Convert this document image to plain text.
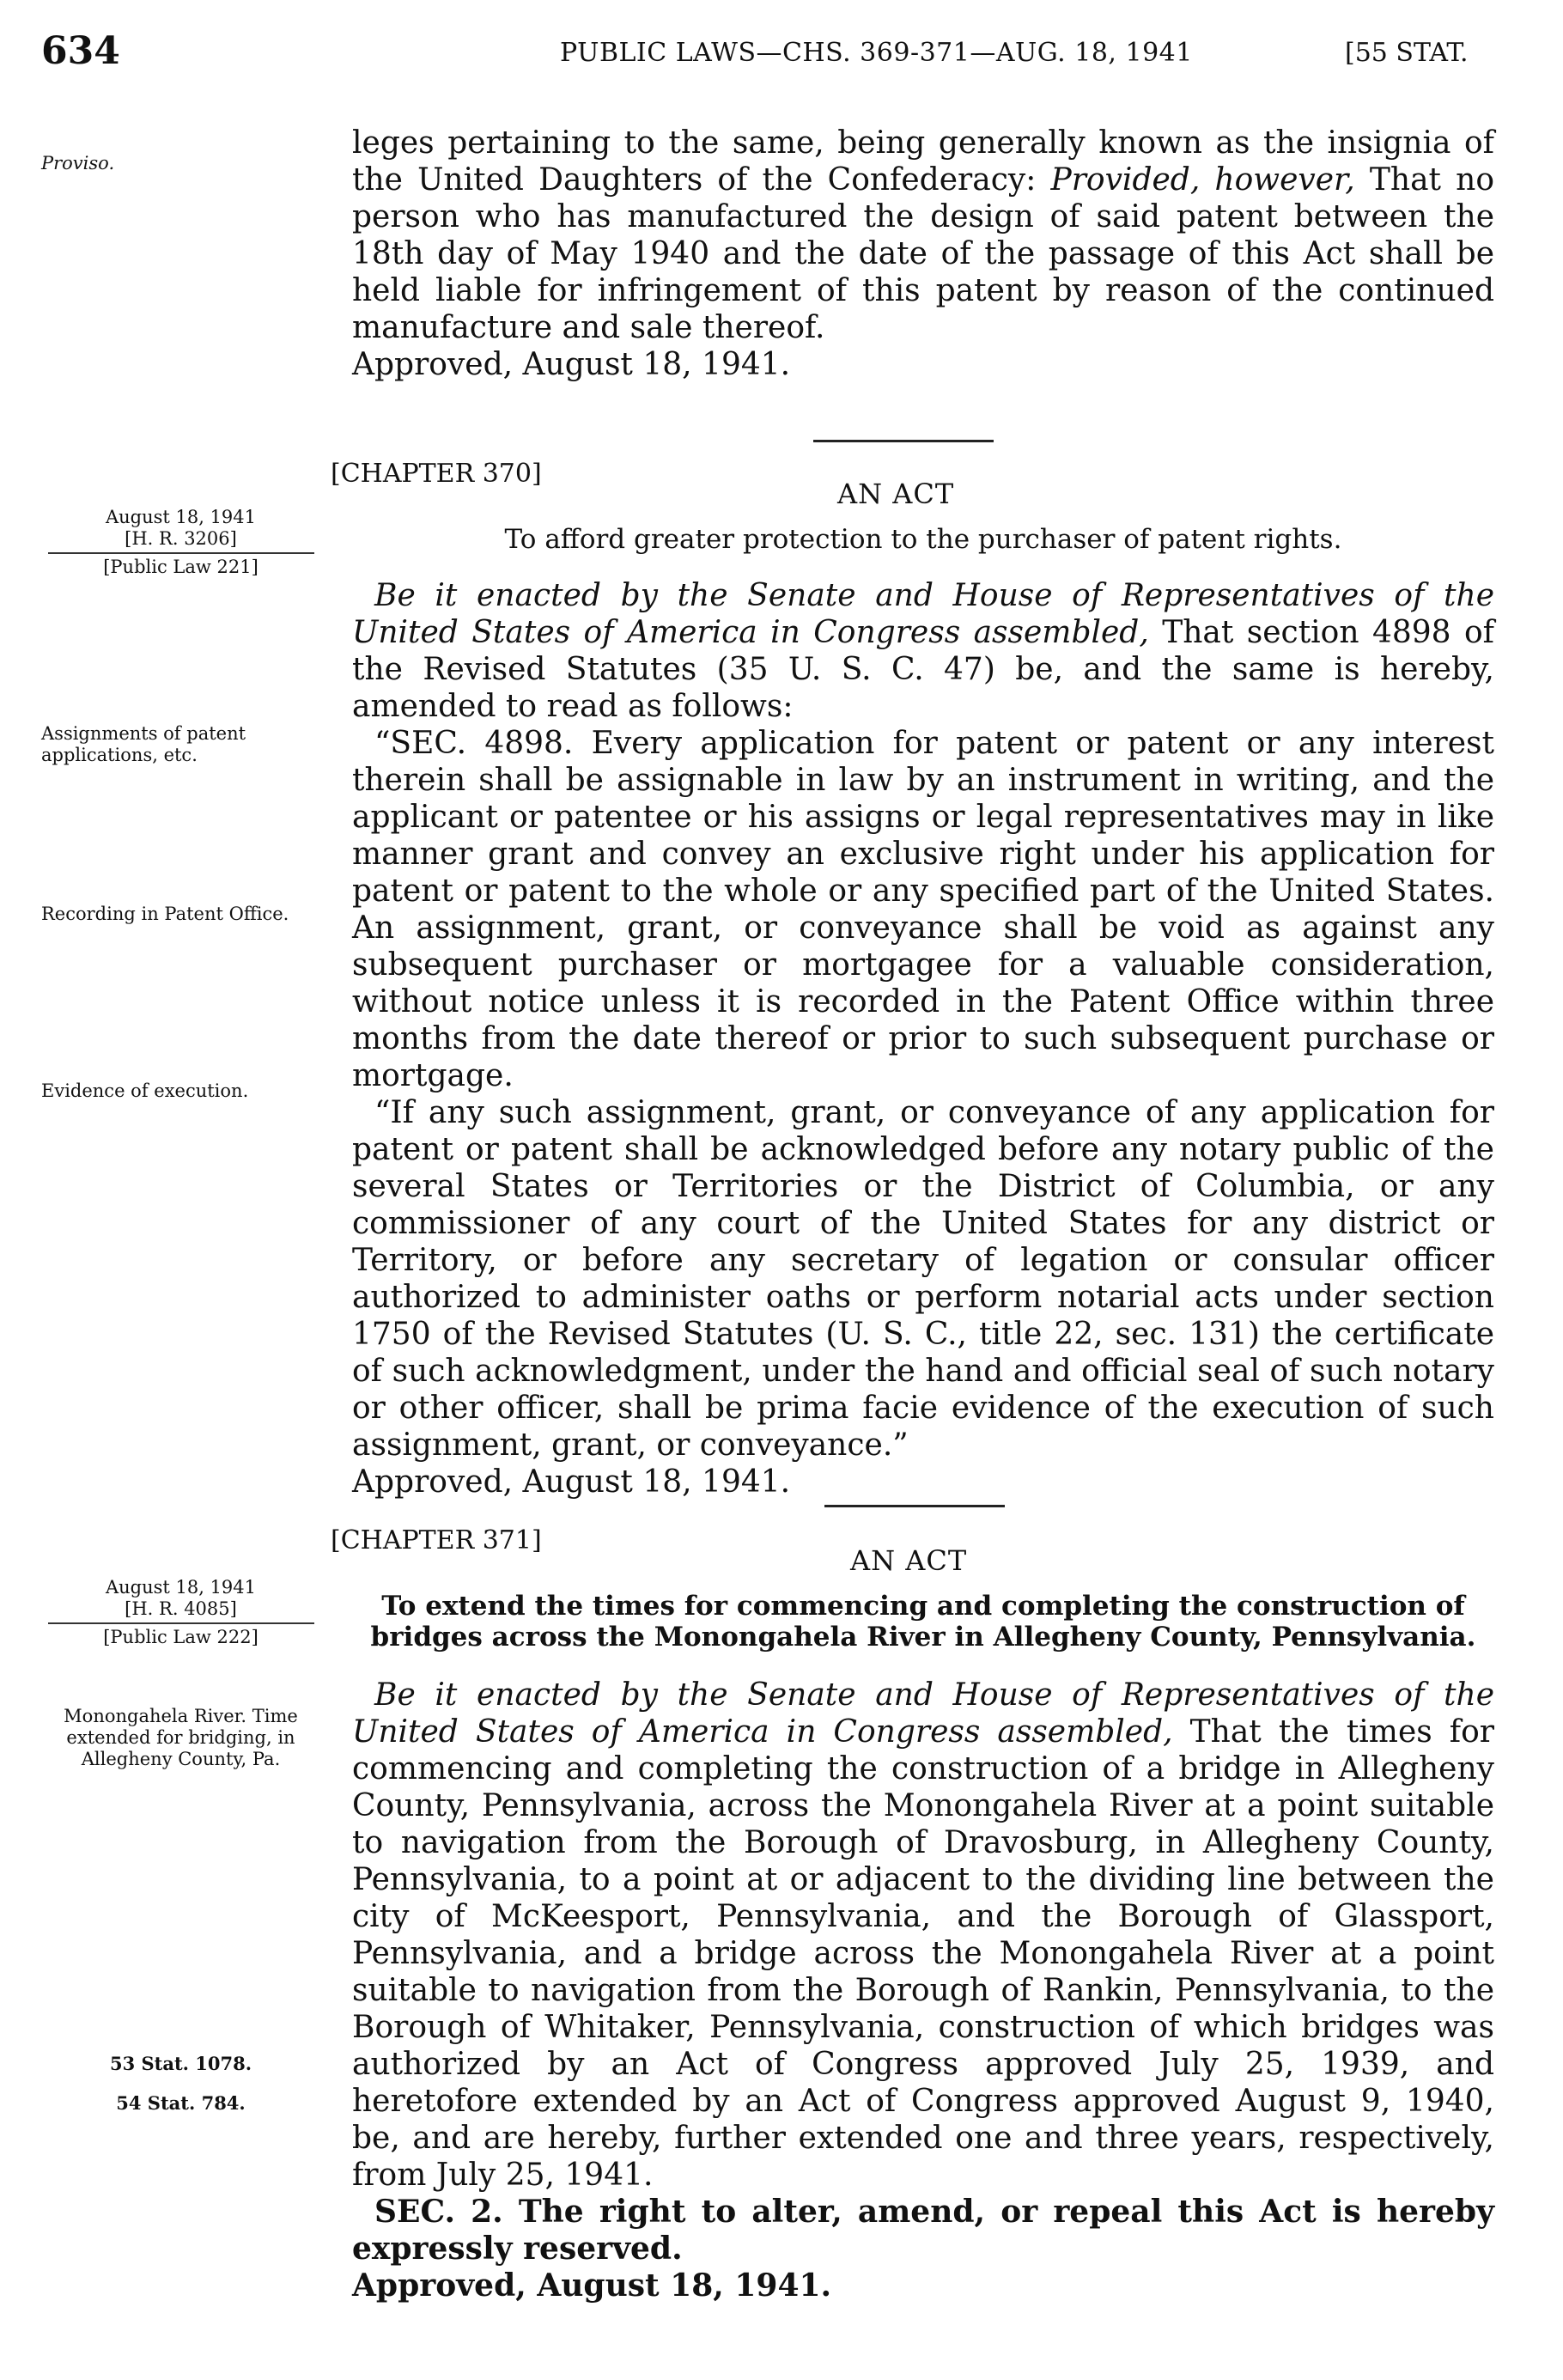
634	PUBLIC LAWS—CHS. 369-371—AUG. 18, 1941	[55 STAT.
Proviso.

leges pertaining to the same, being generally known as the insignia of the United Daughters of the Confederacy: Provided, however, That no person who has manufactured the design of said patent between the 18th day of May 1940 and the date of the passage of this Act shall be held liable for infringement of this patent by reason of the continued manufacture and sale thereof.

Approved, August 18, 1941.

[CHAPTER 370]
AN ACT
To afford greater protection to the purchaser of patent rights.
August 18, 1941
[H. R. 3206]
[Public Law 221]

Be it enacted by the Senate and House of Representatives of the United States of America in Congress assembled, That section 4898 of the Revised Statutes (35 U. S. C. 47) be, and the same is hereby, amended to read as follows:

“SEC. 4898. Every application for patent or patent or any interest therein shall be assignable in law by an instrument in writing, and the applicant or patentee or his assigns or legal representatives may in like manner grant and convey an exclusive right under his application for patent or patent to the whole or any specified part of the United States. An assignment, grant, or conveyance shall be void as against any subsequent purchaser or mortgagee for a valuable consideration, without notice unless it is recorded in the Patent Office within three months from the date thereof or prior to such subsequent purchase or mortgage.

“If any such assignment, grant, or conveyance of any application for patent or patent shall be acknowledged before any notary public of the several States or Territories or the District of Columbia, or any commissioner of any court of the United States for any district or Territory, or before any secretary of legation or consular officer authorized to administer oaths or perform notarial acts under section 1750 of the Revised Statutes (U. S. C., title 22, sec. 131) the certificate of such acknowledgment, under the hand and official seal of such notary or other officer, shall be prima facie evidence of the execution of such assignment, grant, or conveyance.”

Approved, August 18, 1941.

Assignments of patent applications, etc.
Recording in Patent Office.
Evidence of execution.
[CHAPTER 371]
AN ACT
To extend the times for commencing and completing the construction of bridges across the Monongahela River in Allegheny County, Pennsylvania.
August 18, 1941
[H. R. 4085]
[Public Law 222]

Be it enacted by the Senate and House of Representatives of the United States of America in Congress assembled, That the times for commencing and completing the construction of a bridge in Allegheny County, Pennsylvania, across the Monongahela River at a point suitable to navigation from the Borough of Dravosburg, in Allegheny County, Pennsylvania, to a point at or adjacent to the dividing line between the city of McKeesport, Pennsylvania, and the Borough of Glassport, Pennsylvania, and a bridge across the Monongahela River at a point suitable to navigation from the Borough of Rankin, Pennsylvania, to the Borough of Whitaker, Pennsylvania, construction of which bridges was authorized by an Act of Congress approved July 25, 1939, and heretofore extended by an Act of Congress approved August 9, 1940, be, and are hereby, further extended one and three years, respectively, from July 25, 1941.

SEC. 2. The right to alter, amend, or repeal this Act is hereby expressly reserved.

Approved, August 18, 1941.

Monongahela River. Time extended for bridging, in Allegheny County, Pa.
53 Stat. 1078.
54 Stat. 784.
